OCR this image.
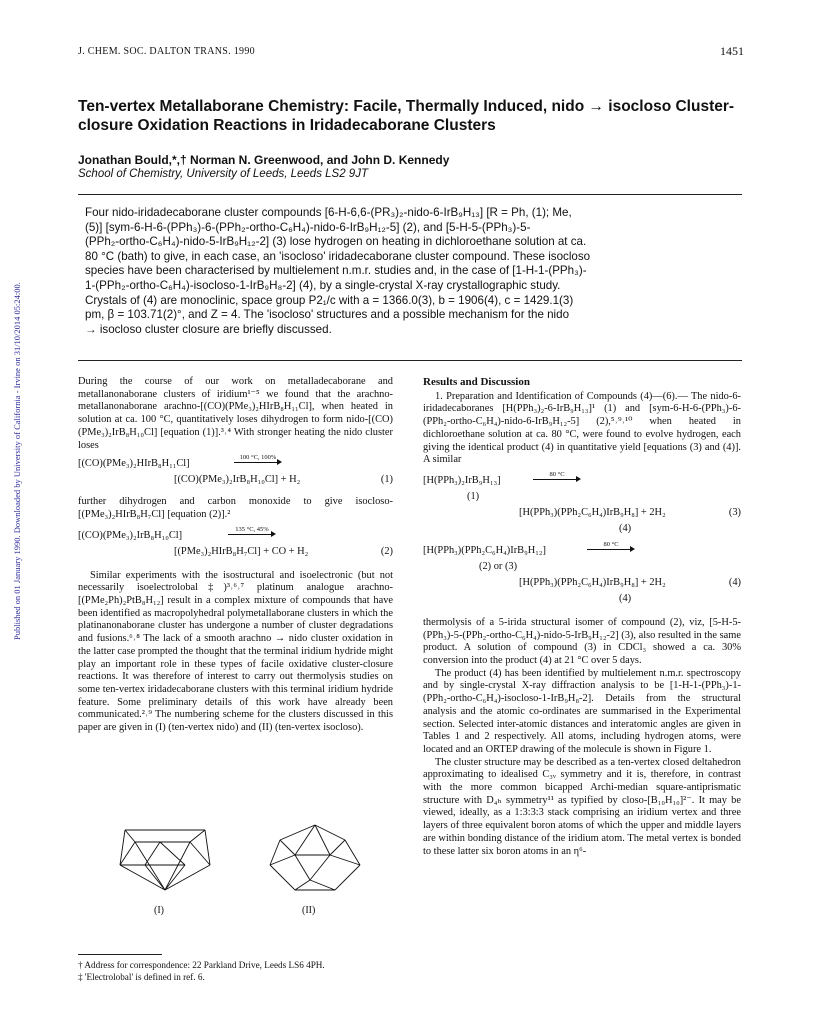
Published on 01 January 1990. Downloaded by University of California - Irvine on 31/10/2014 05:24:00.
J. CHEM. SOC. DALTON TRANS. 1990	1451
Ten-vertex Metallaborane Chemistry: Facile, Thermally Induced, nido → isocloso Cluster-closure Oxidation Reactions in Iridadecaborane Clusters
Jonathan Bould,*,† Norman N. Greenwood, and John D. Kennedy
School of Chemistry, University of Leeds, Leeds LS2 9JT
Four nido-iridadecaborane cluster compounds [6-H-6,6-(PR₃)₂-nido-6-IrB₉H₁₃] [R = Ph, (1); Me,
(5)] [sym-6-H-6-(PPh₃)-6-(PPh₂-ortho-C₆H₄)-nido-6-IrB₉H₁₂-5] (2), and [5-H-5-(PPh₃)-5-
(PPh₂-ortho-C₆H₄)-nido-5-IrB₉H₁₂-2] (3) lose hydrogen on heating in dichloroethane solution at ca.
80 °C (bath) to give, in each case, an 'isocloso' iridadecaborane cluster compound. These isocloso
species have been characterised by multielement n.m.r. studies and, in the case of [1-H-1-(PPh₃)-
1-(PPh₂-ortho-C₆H₄)-isocloso-1-IrB₉H₈-2] (4), by a single-crystal X-ray crystallographic study.
Crystals of (4) are monoclinic, space group P2₁/c with a = 1366.0(3), b = 1906(4), c = 1429.1(3)
pm, β = 103.71(2)°, and Z = 4. The 'isocloso' structures and a possible mechanism for the nido
→ isocloso cluster closure are briefly discussed.

During the course of our work on metalladecaborane and metallanonaborane clusters of iridium¹⁻⁵ we found that the arachno-metallanonaborane arachno-[(CO)(PMe₃)₂HIrB₈H₁₁Cl], when heated in solution at ca. 100 °C, quantitatively loses dihydrogen to form nido-[(CO)(PMe₃)₂IrB₈H₁₀Cl] [equation (1)].³˒⁴ With stronger heating the nido cluster loses

[(CO)(PMe₃)₂HIrB₈H₁₁Cl]
100 °C, 100%
[(CO)(PMe₃)₂IrB₈H₁₀Cl] + H₂	(1)

further dihydrogen and carbon monoxide to give isocloso-[(PMe₃)₂HIrB₈H₇Cl] [equation (2)].²

[(CO)(PMe₃)₂IrB₈H₁₀Cl]
135 °C, 45%
[(PMe₃)₂HIrB₈H₇Cl] + CO + H₂	(2)

Similar experiments with the isostructural and isoelectronic (but not necessarily isoelectrolobal‡)³˒⁶˒⁷ platinum analogue arachno-[(PMe₂Ph)₂PtB₈H₁₂] result in a complex mixture of compounds that have been identified as macropolyhedral polymetallaborane clusters in which the platinanonaborane cluster has undergone a number of cluster degradations and fusions.⁶˒⁸ The lack of a smooth arachno → nido cluster oxidation in the latter case prompted the thought that the terminal iridium hydride might play an important role in these types of facile oxidative cluster-closure reactions. It was therefore of interest to carry out thermolysis studies on some ten-vertex iridadecaborane clusters with this terminal iridium hydride feature. Some preliminary details of this work have already been communicated.²˒⁹ The numbering scheme for the clusters discussed in this paper are given in (I) (ten-vertex nido) and (II) (ten-vertex isocloso).

(I)	(II)
† Address for correspondence: 22 Parkland Drive, Leeds LS6 4PH.
‡ 'Electrolobal' is defined in ref. 6.
Results and Discussion

1. Preparation and Identification of Compounds (4)—(6).— The nido-6-iridadecaboranes [H(PPh₃)₂-6-IrB₉H₁₃]¹ (1) and [sym-6-H-6-(PPh₃)-6-(PPh₂-ortho-C₆H₄)-nido-6-IrB₉H₁₂-5] (2),⁵˒⁹˒¹⁰ when heated in dichloroethane solution at ca. 80 °C, were found to evolve hydrogen, each giving the identical product (4) in quantitative yield [equations (3) and (4)]. A similar

[H(PPh₃)₂IrB₉H₁₃]
80 °C
(1)
[H(PPh₃)(PPh₂C₆H₄)IrB₉H₈] + 2H₂	(3)
(4)
[H(PPh₃)(PPh₂C₆H₄)IrB₉H₁₂]
80 °C
(2) or (3)
[H(PPh₃)(PPh₂C₆H₄)IrB₉H₈] + 2H₂	(4)
(4)

thermolysis of a 5-irida structural isomer of compound (2), viz, [5-H-5-(PPh₃)-5-(PPh₂-ortho-C₆H₄)-nido-5-IrB₉H₁₂-2] (3), also resulted in the same product. A solution of compound (3) in CDCl₃ showed a ca. 30% conversion into the product (4) at 21 °C over 5 days.

The product (4) has been identified by multielement n.m.r. spectroscopy and by single-crystal X-ray diffraction analysis to be [1-H-1-(PPh₃)-1-(PPh₂-ortho-C₆H₄)-isocloso-1-IrB₉H₈-2]. Details from the structural analysis and the atomic co-ordinates are summarised in the Experimental section. Selected inter-atomic distances and interatomic angles are given in Tables 1 and 2 respectively. All atoms, including hydrogen atoms, were located and an ORTEP drawing of the molecule is shown in Figure 1.

The cluster structure may be described as a ten-vertex closed deltahedron approximating to idealised C₃ᵥ symmetry and it is, therefore, in contrast with the more common bicapped Archi-median square-antiprismatic structure with D₄ₕ symmetry¹¹ as typified by closo-[B₁₀H₁₀]²⁻. It may be viewed, ideally, as a 1:3:3:3 stack comprising an iridium vertex and three layers of three equivalent boron atoms of which the upper and middle layers are within bonding distance of the iridium atom. The metal vertex is bonded to these latter six boron atoms in an η⁶-
